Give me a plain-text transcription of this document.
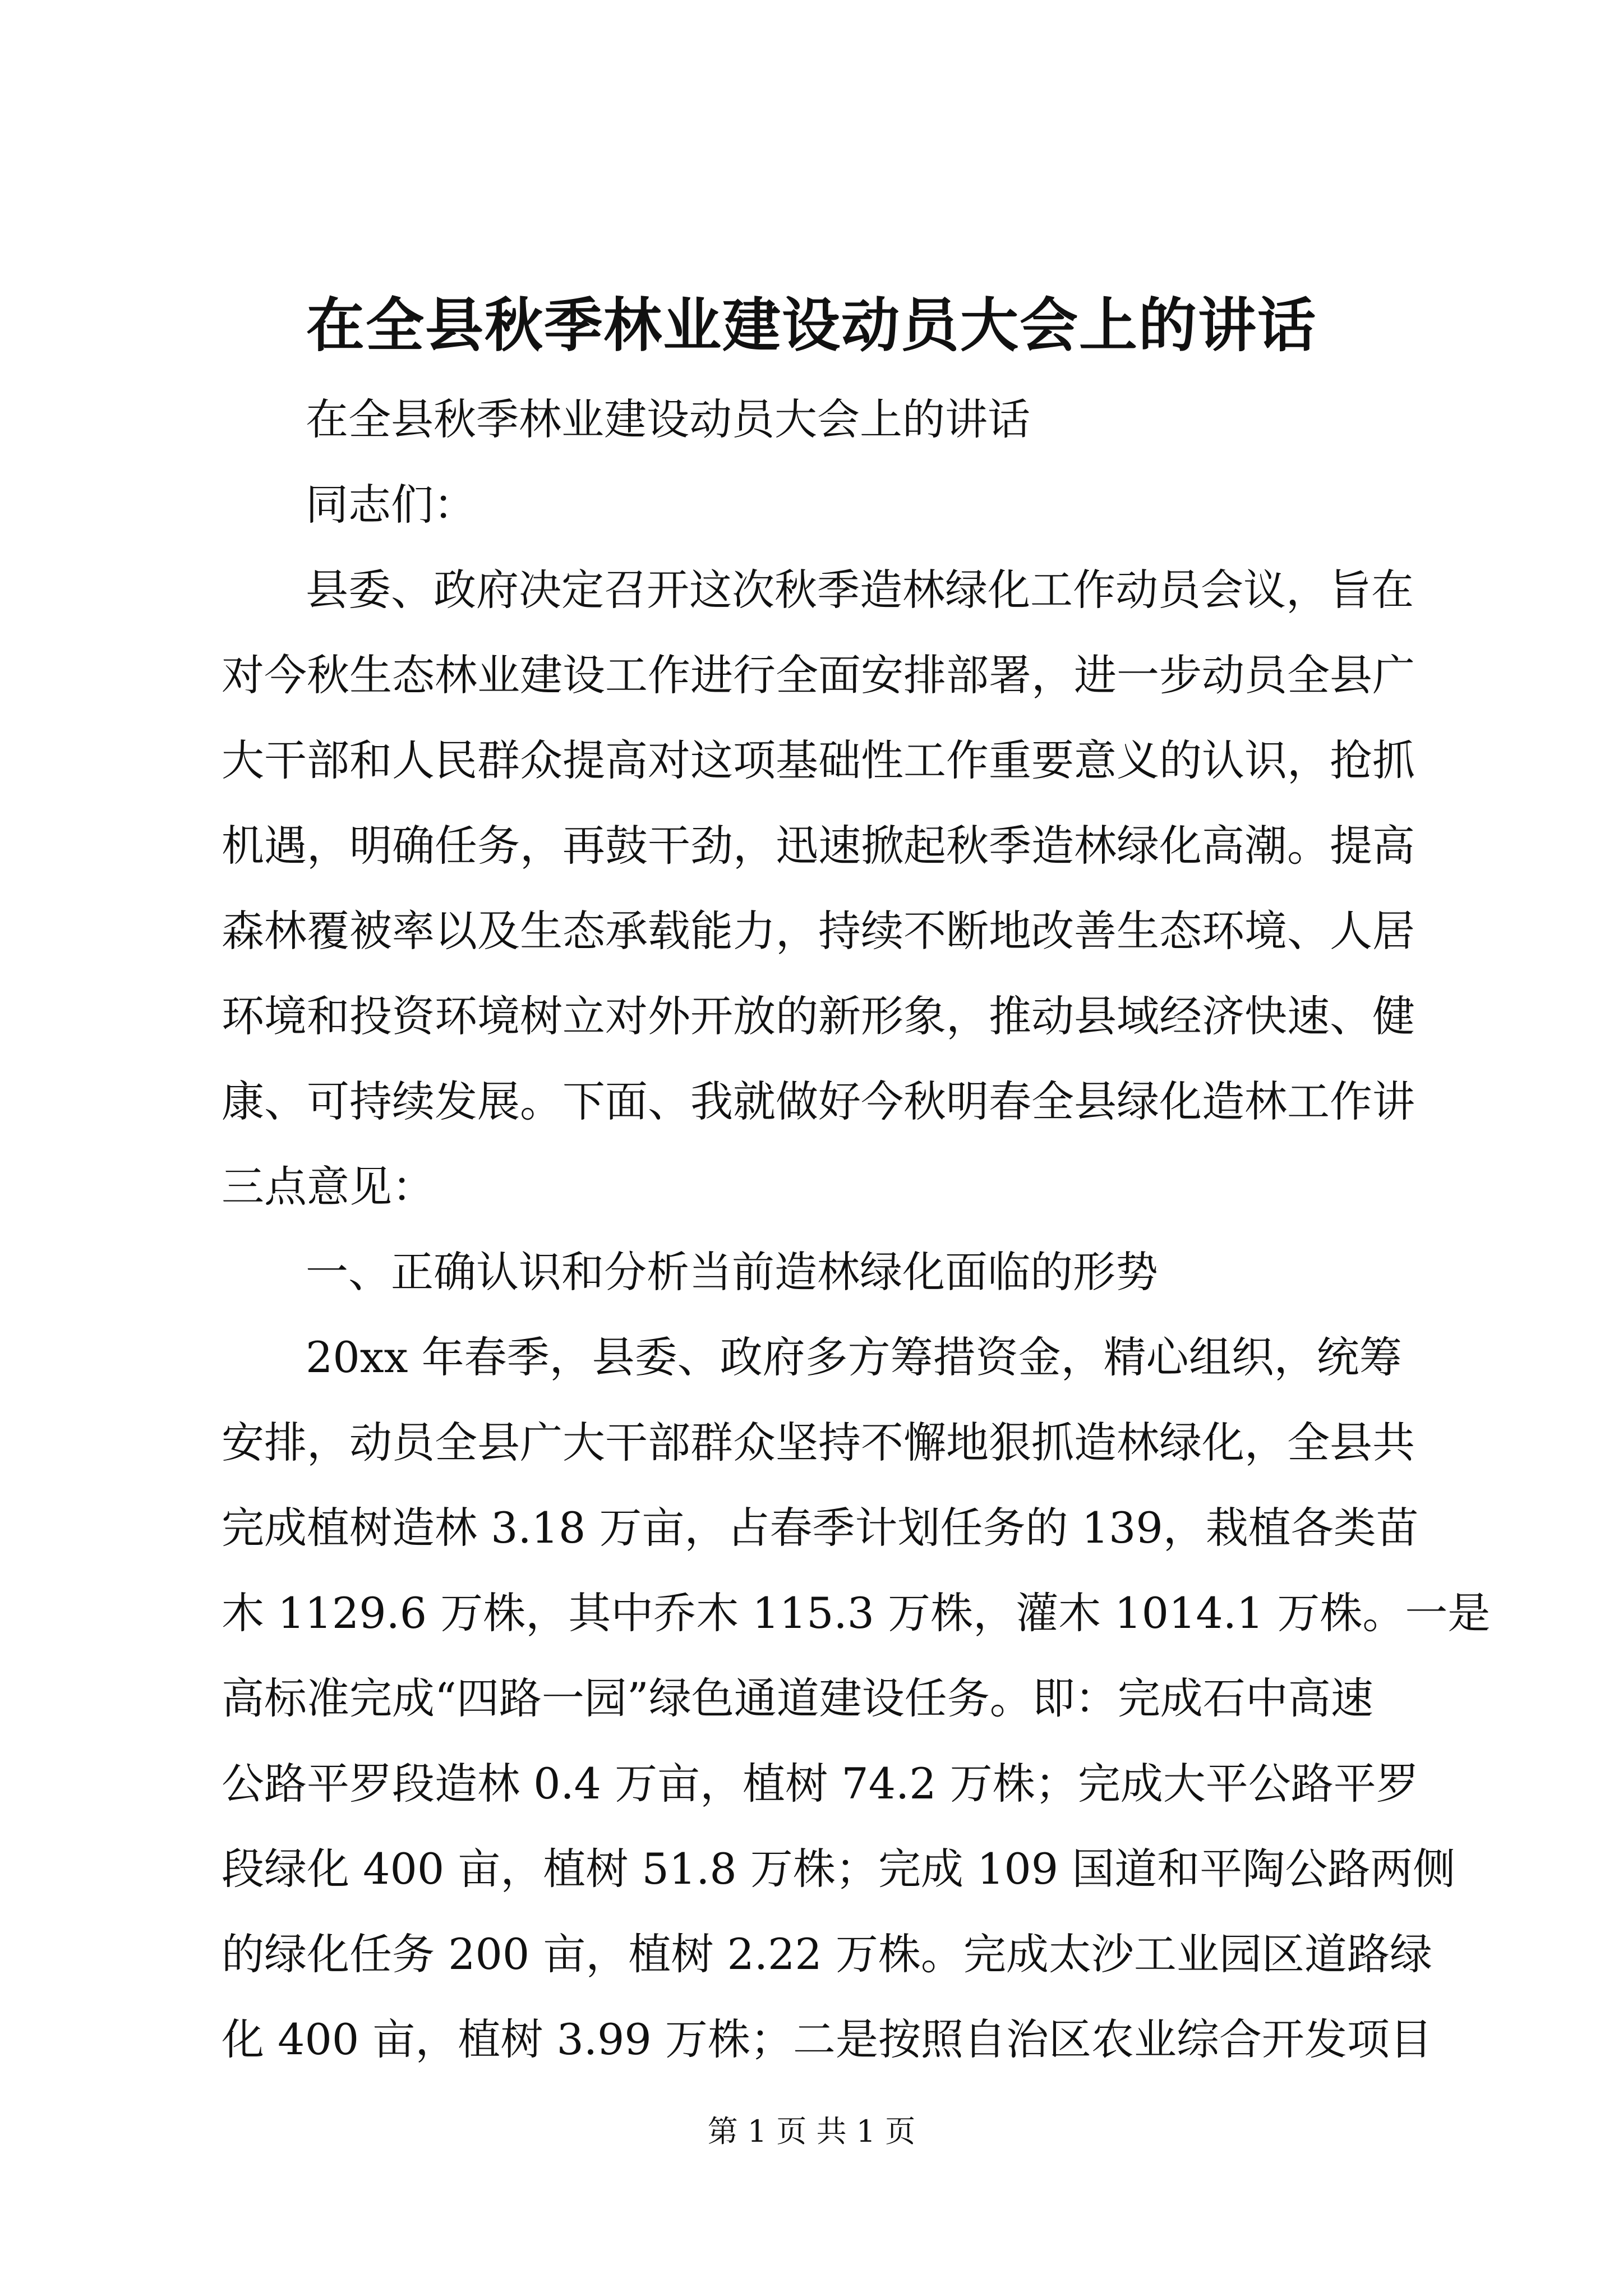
在全县秋季林业建设动员大会上的讲话

在全县秋季林业建设动员大会上的讲话

同志们：

县委、政府决定召开这次秋季造林绿化工作动员会议，旨在

对今秋生态林业建设工作进行全面安排部署，进一步动员全县广

大干部和人民群众提高对这项基础性工作重要意义的认识，抢抓

机遇，明确任务，再鼓干劲，迅速掀起秋季造林绿化高潮。提高

森林覆被率以及生态承载能力，持续不断地改善生态环境、人居

环境和投资环境树立对外开放的新形象，推动县域经济快速、健

康、可持续发展。下面、我就做好今秋明春全县绿化造林工作讲

三点意见：

一、正确认识和分析当前造林绿化面临的形势

20xx 年春季，县委、政府多方筹措资金，精心组织，统筹

安排，动员全县广大干部群众坚持不懈地狠抓造林绿化，全县共

完成植树造林 3.18 万亩，占春季计划任务的 139，栽植各类苗

木 1129.6 万株，其中乔木 115.3 万株，灌木 1014.1 万株。一是

高标准完成“四路一园”绿色通道建设任务。即：完成石中高速

公路平罗段造林 0.4 万亩，植树 74.2 万株；完成大平公路平罗

段绿化 400 亩，植树 51.8 万株；完成 109 国道和平陶公路两侧

的绿化任务 200 亩，植树 2.22 万株。完成太沙工业园区道路绿

化 400 亩，植树 3.99 万株；二是按照自治区农业综合开发项目

第 1 页 共 1 页
